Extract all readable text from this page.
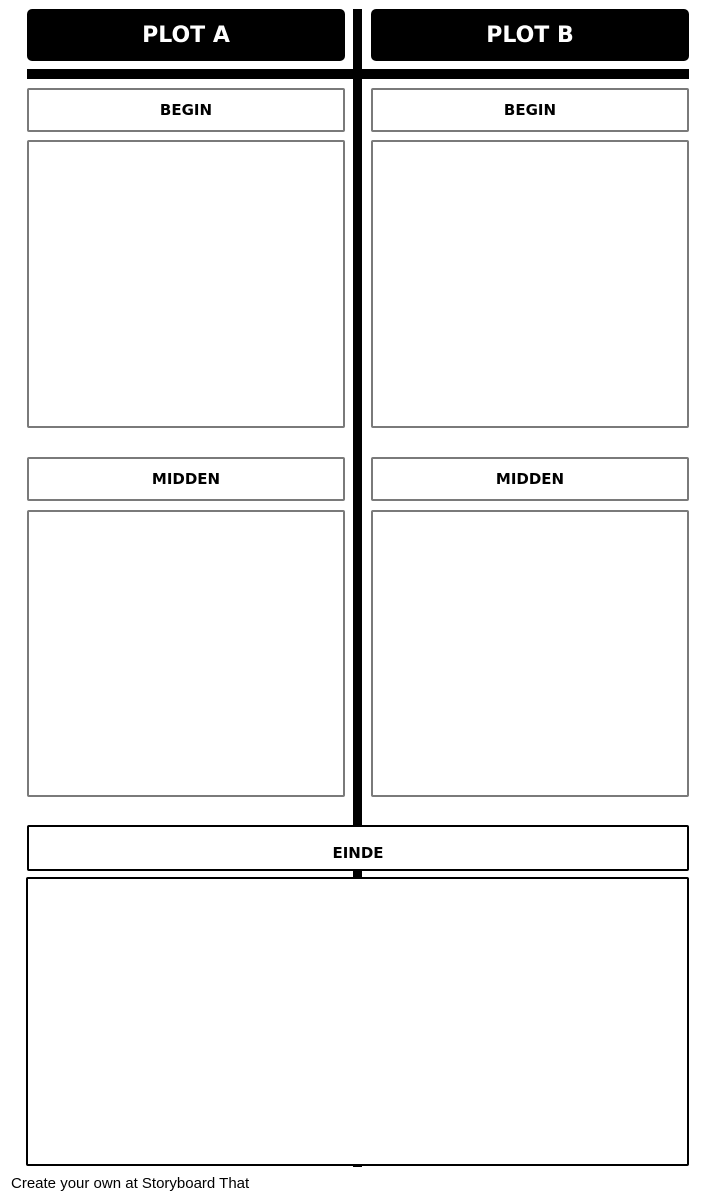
PLOT A	PLOT B
BEGIN
MIDDEN
BEGIN
MIDDEN
EINDE
Create your own at Storyboard That
